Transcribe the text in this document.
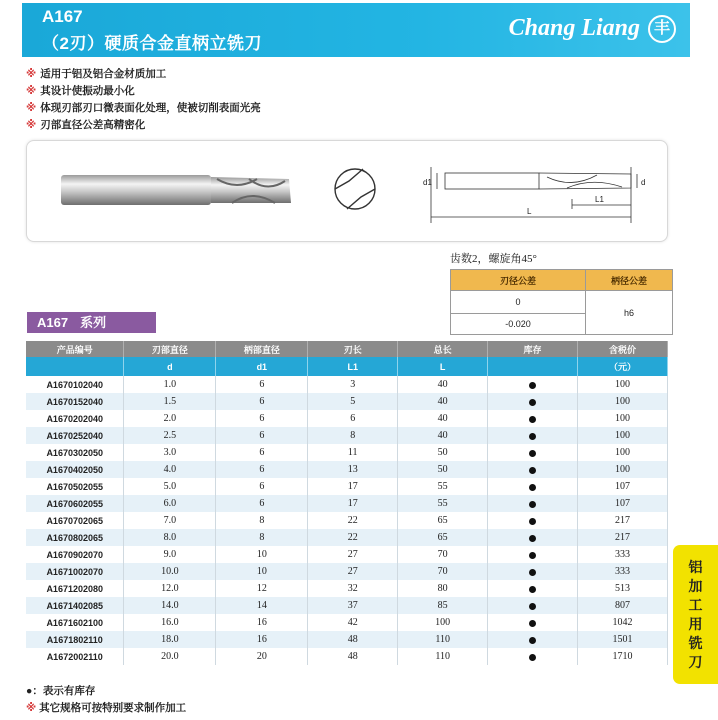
A167
（2刃）硬质合金直柄立铣刀
Chang Liang 丰
※ 适用于铝及铝合金材质加工
※ 其设计使振动最小化
※ 体现刃部刃口微表面化处理，使被切削表面光亮
※ 刃部直径公差高精密化
d1	d
L1
L
齿数2，螺旋角45°
刃径公差	柄径公差
0	h6
-0.020	
A167 系列
产品编号	刃部直径	柄部直径	刃长	总长	库存	含税价
	d	d1	L1	L		（元）
A1670102040	1.0	6	3	40		100
A1670152040	1.5	6	5	40		100
A1670202040	2.0	6	6	40		100
A1670252040	2.5	6	8	40		100
A1670302050	3.0	6	11	50		100
A1670402050	4.0	6	13	50		100
A1670502055	5.0	6	17	55		107
A1670602055	6.0	6	17	55		107
A1670702065	7.0	8	22	65		217
A1670802065	8.0	8	22	65		217
A1670902070	9.0	10	27	70		333
A1671002070	10.0	10	27	70		333
A1671202080	12.0	12	32	80		513
A1671402085	14.0	14	37	85		807
A1671602100	16.0	16	42	100		1042
A1671802110	18.0	16	48	110		1501
A1672002110	20.0	20	48	110		1710
铝
加
工
用
铣
刀
●：表示有库存
※ 其它规格可按特别要求制作加工
